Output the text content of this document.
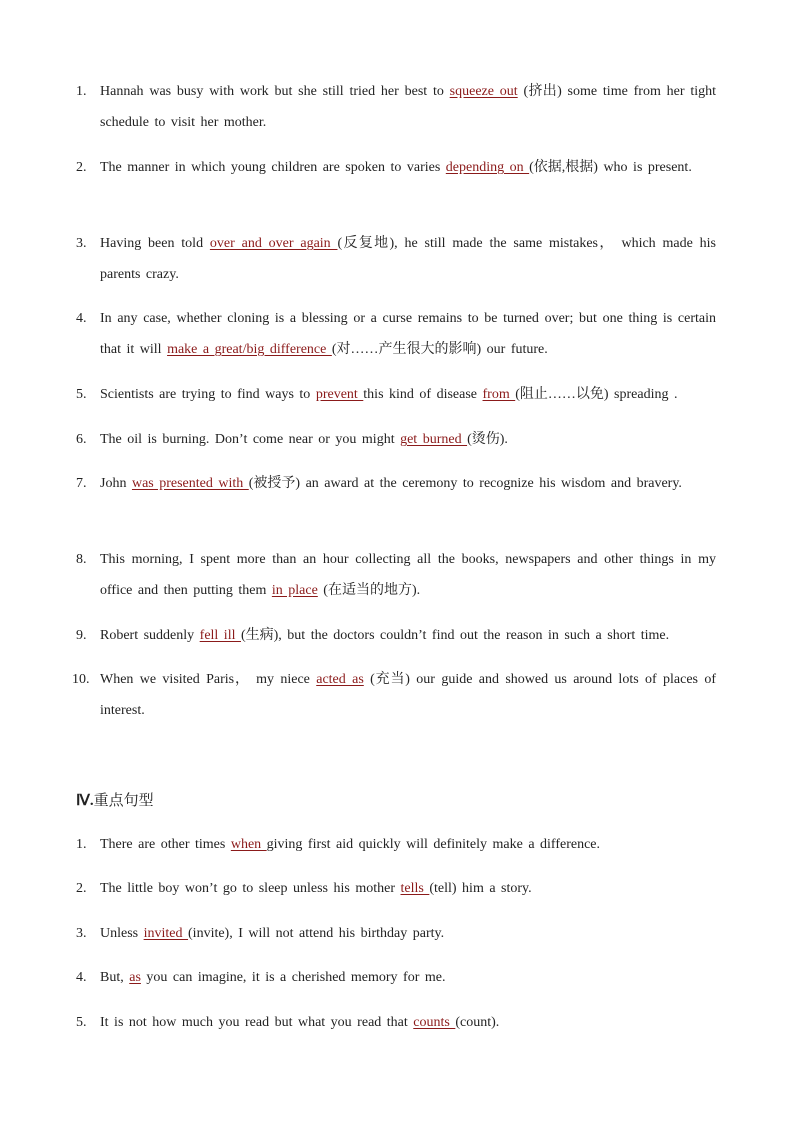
1. Hannah was busy with work but she still tried her best to squeeze out (挤出) some time from her tight schedule to visit her mother.
2. The manner in which young children are spoken to varies depending on (依据,根据) who is present.
3. Having been told over and over again (反复地), he still made the same mistakes， which made his parents crazy.
4. In any case, whether cloning is a blessing or a curse remains to be turned over; but one thing is certain that it will make a great/big difference (对……产生很大的影响) our future.
5. Scientists are trying to find ways to prevent this kind of disease from (阻止……以免) spreading .
6. The oil is burning. Don’t come near or you might get burned (烫伤).
7. John was presented with (被授予) an award at the ceremony to recognize his wisdom and bravery.
8. This morning, I spent more than an hour collecting all the books, newspapers and other things in my office and then putting them in place (在适当的地方).
9. Robert suddenly fell ill (生病), but the doctors couldn’t find out the reason in such a short time.
10. When we visited Paris， my niece acted as (充当) our guide and showed us around lots of places of interest.
Ⅳ.重点句型
1. There are other times when giving first aid quickly will definitely make a difference.
2. The little boy won’t go to sleep unless his mother tells (tell) him a story.
3. Unless invited (invite), I will not attend his birthday party.
4. But, as you can imagine, it is a cherished memory for me.
5. It is not how much you read but what you read that counts (count).
